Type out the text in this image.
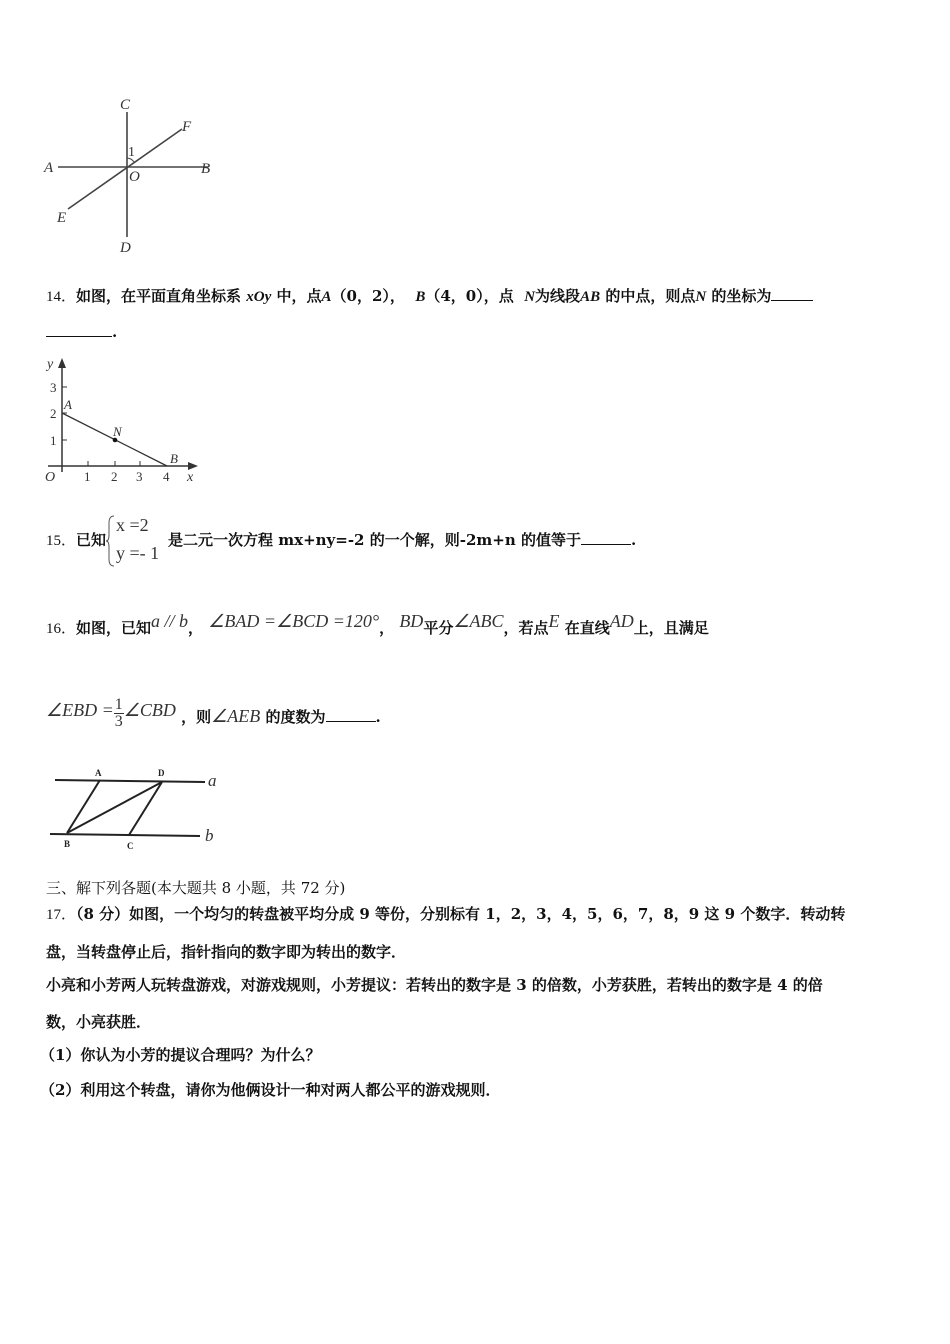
C
F
1
A	B
O
E
D
14．如图，在平面直角坐标系 xOy 中，点A（0，2）， B（4，0），点 N为线段AB 的中点，则点N 的坐标为
.
y
3
2
1
A
N
B
O 1 2 3 4 x
15．已知
x =2
y =- 1
是二元一次方程 mx+ny=-2 的一个解，则-2m+n 的值等于	.
16．如图，已知a // b， ∠BAD =∠BCD =120°， BD平分∠ABC，若点E 在直线AD上，且满足
∠EBD = $\frac{1}{3}$ ∠CBD ，则∠AEB 的度数为	.
A	D	a
B	C
b
三、解下列各题(本大题共 8 小题，共 72 分)
17．（8 分）如图，一个均匀的转盘被平均分成 9 等份，分别标有 1，2，3，4，5，6，7，8，9 这 9 个数字．转动转
盘，当转盘停止后，指针指向的数字即为转出的数字．
小亮和小芳两人玩转盘游戏，对游戏规则，小芳提议：若转出的数字是 3 的倍数，小芳获胜，若转出的数字是 4 的倍
数，小亮获胜．
（1）你认为小芳的提议合理吗？为什么？
（2）利用这个转盘，请你为他俩设计一种对两人都公平的游戏规则．
